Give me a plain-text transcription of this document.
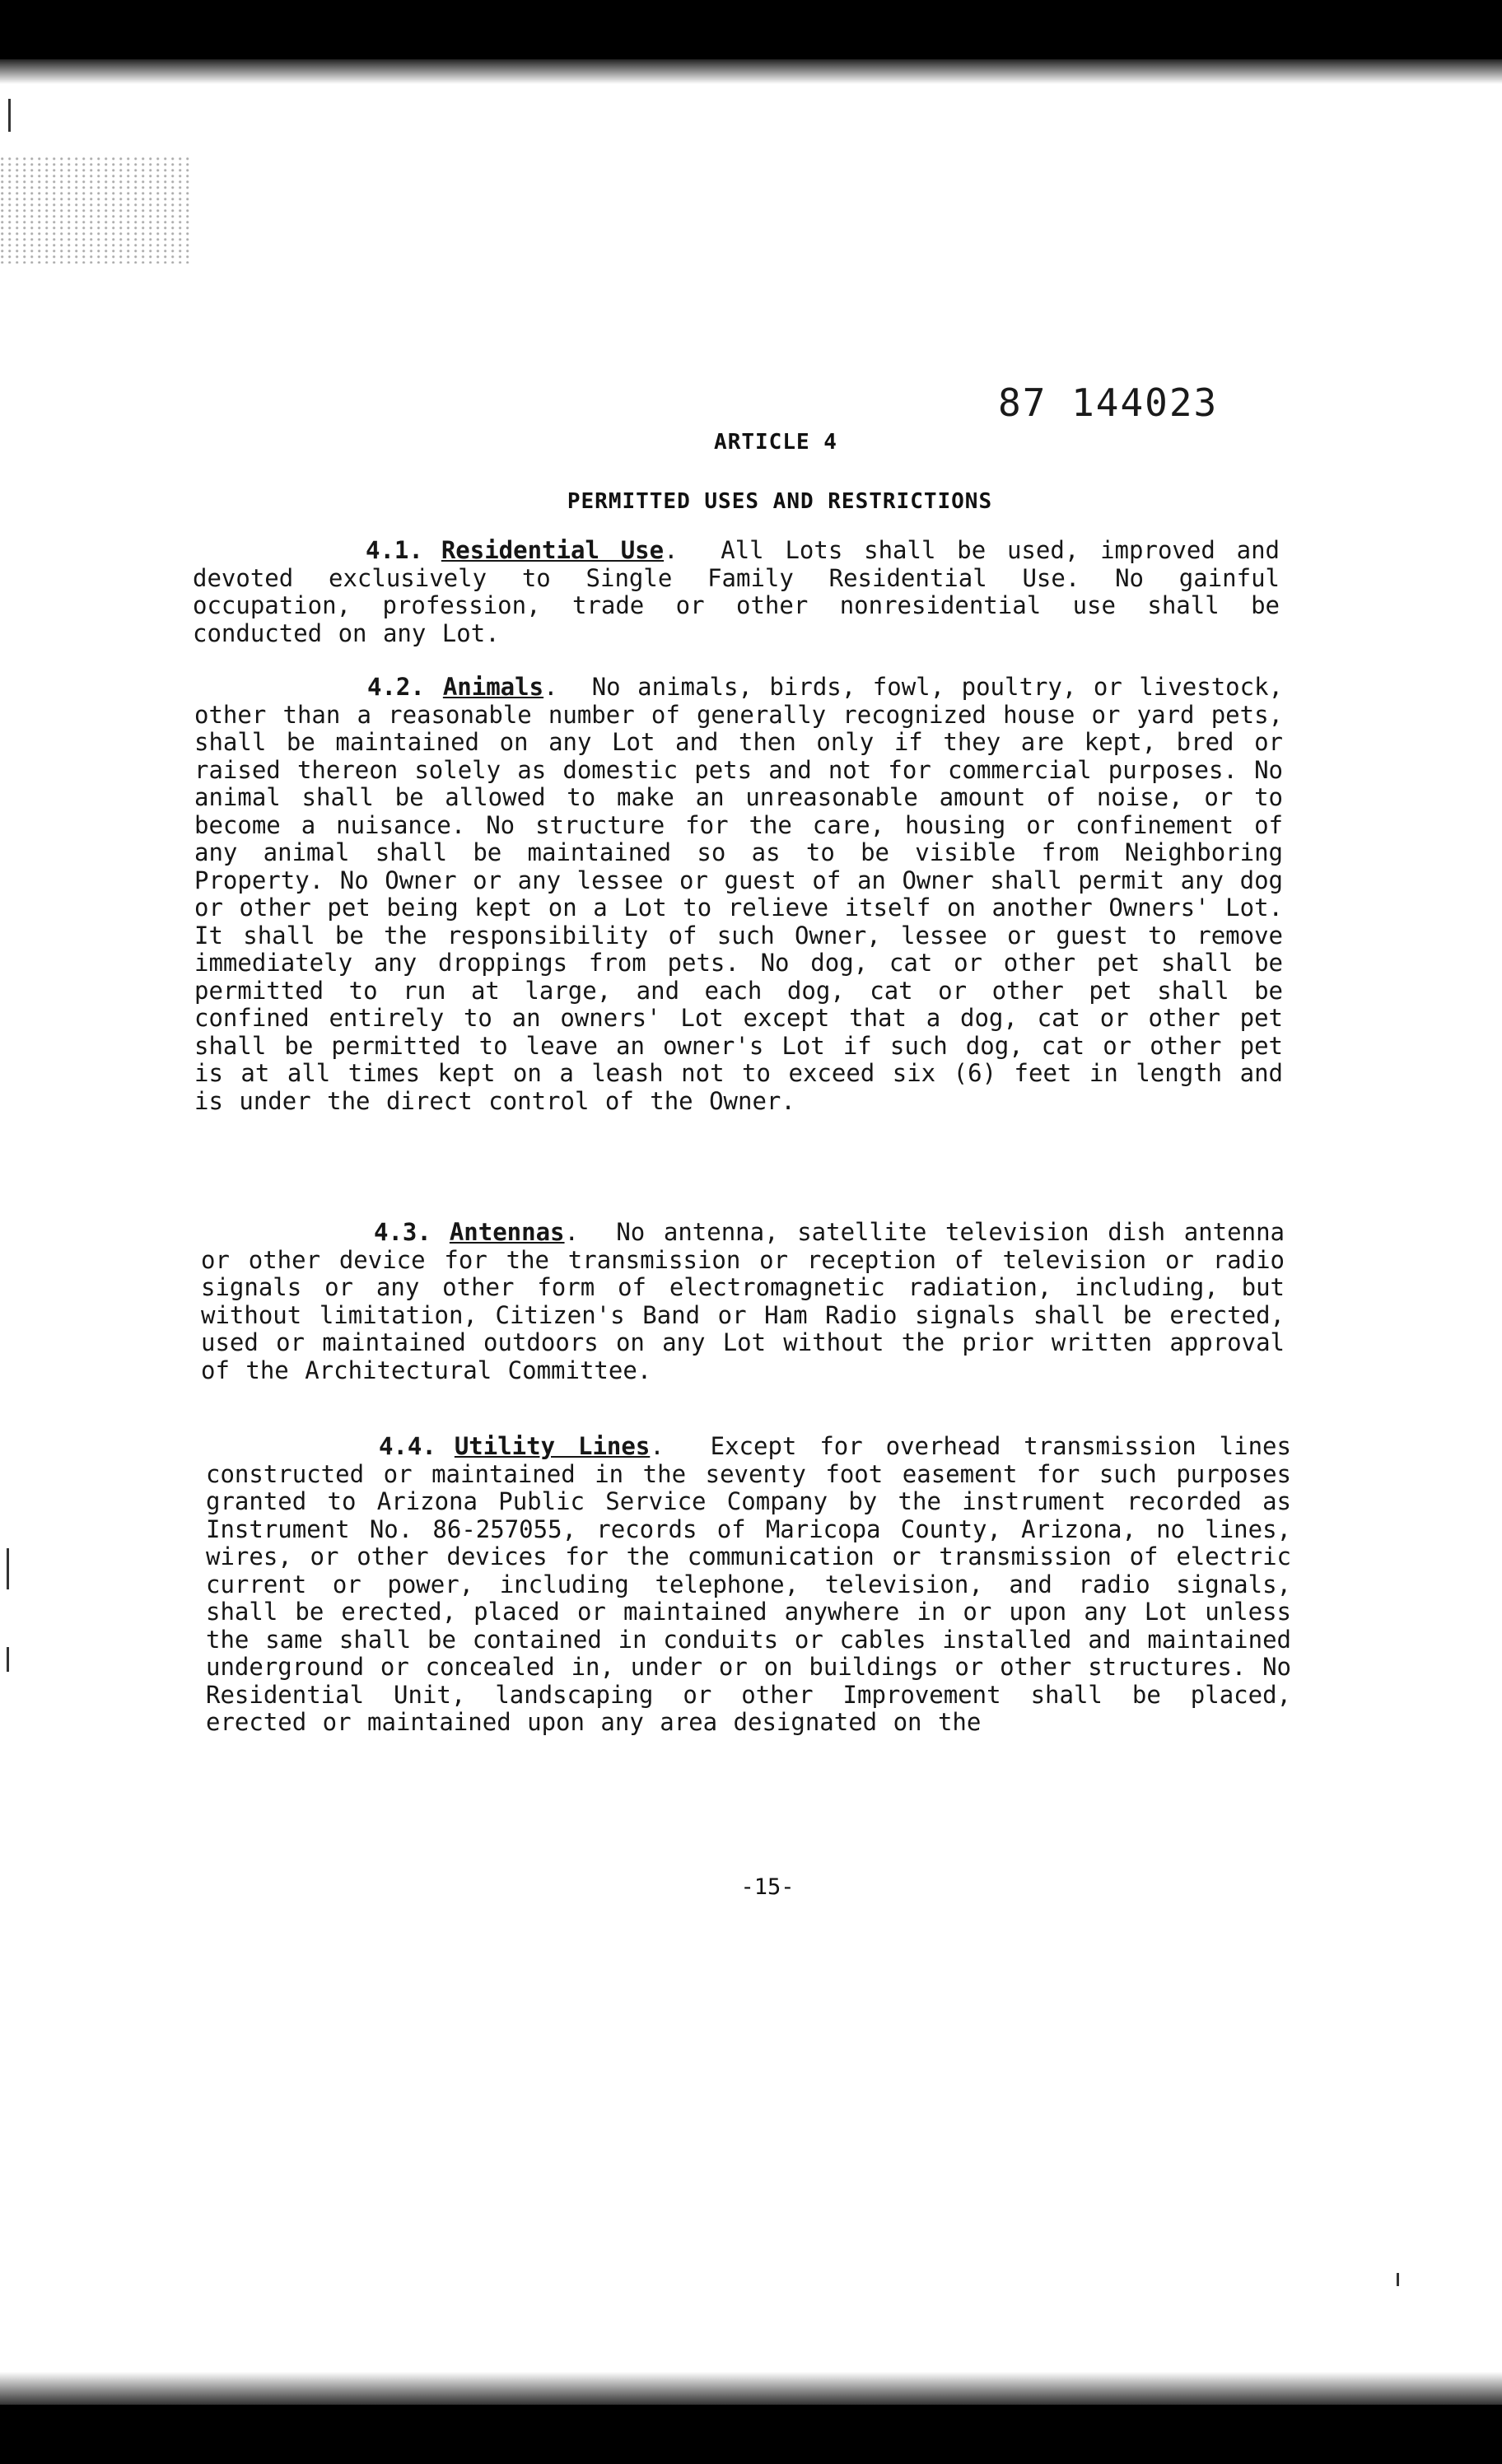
87 144023
ARTICLE 4
PERMITTED USES AND RESTRICTIONS
4.1. Residential Use.  All Lots shall be used, improved and devoted exclusively to Single Family Residential Use. No gainful occupation, profession, trade or other nonresidential use shall be conducted on any Lot.
4.2. Animals.  No animals, birds, fowl, poultry, or livestock, other than a reasonable number of generally recognized house or yard pets, shall be maintained on any Lot and then only if they are kept, bred or raised thereon solely as domestic pets and not for commercial purposes. No animal shall be allowed to make an unreasonable amount of noise, or to become a nuisance. No structure for the care, housing or confinement of any animal shall be maintained so as to be visible from Neighboring Property. No Owner or any lessee or guest of an Owner shall permit any dog or other pet being kept on a Lot to relieve itself on another Owners' Lot. It shall be the responsibility of such Owner, lessee or guest to remove immediately any droppings from pets. No dog, cat or other pet shall be permitted to run at large, and each dog, cat or other pet shall be confined entirely to an owners' Lot except that a dog, cat or other pet shall be permitted to leave an owner's Lot if such dog, cat or other pet is at all times kept on a leash not to exceed six (6) feet in length and is under the direct control of the Owner.
4.3. Antennas.  No antenna, satellite television dish antenna or other device for the transmission or reception of television or radio signals or any other form of electromagnetic radiation, including, but without limitation, Citizen's Band or Ham Radio signals shall be erected, used or maintained outdoors on any Lot without the prior written approval of the Architectural Committee.
4.4. Utility Lines.  Except for overhead transmission lines constructed or maintained in the seventy foot easement for such purposes granted to Arizona Public Service Company by the instrument recorded as Instrument No. 86-257055, records of Maricopa County, Arizona, no lines, wires, or other devices for the communication or transmission of electric current or power, including telephone, television, and radio signals, shall be erected, placed or maintained anywhere in or upon any Lot unless the same shall be contained in conduits or cables installed and maintained underground or concealed in, under or on buildings or other structures. No Residential Unit, landscaping or other Improvement shall be placed, erected or maintained upon any area designated on the
-15-
